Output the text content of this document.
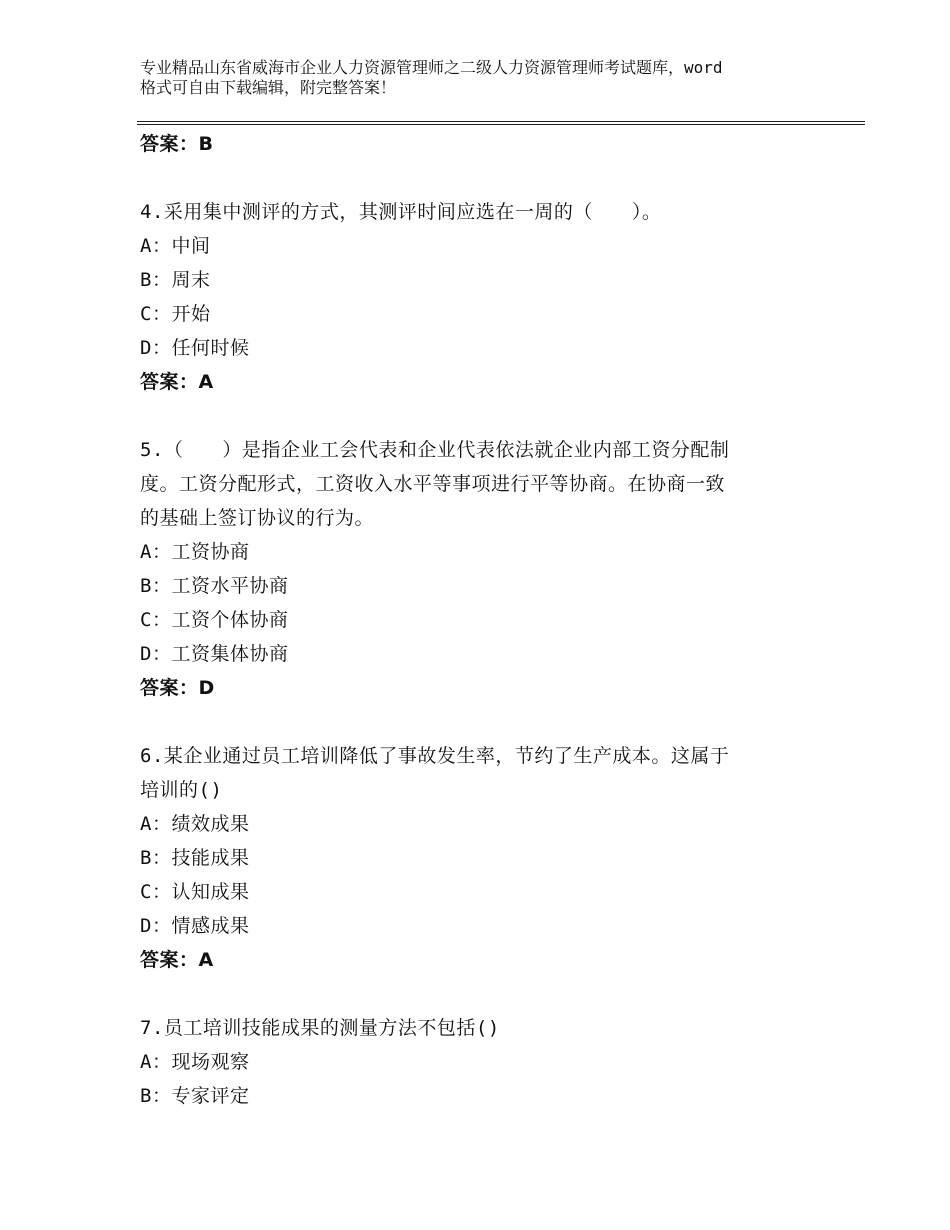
专业精品山东省威海市企业人力资源管理师之二级人力资源管理师考试题库，word
格式可自由下载编辑，附完整答案！
答案：B
4.采用集中测评的方式，其测评时间应选在一周的（　　）。
A：中间
B：周末
C：开始
D：任何时候
答案：A
5.（　　）是指企业工会代表和企业代表依法就企业内部工资分配制
度。工资分配形式，工资收入水平等事项进行平等协商。在协商一致
的基础上签订协议的行为。
A：工资协商
B：工资水平协商
C：工资个体协商
D：工资集体协商
答案：D
6.某企业通过员工培训降低了事故发生率，节约了生产成本。这属于
培训的()
A：绩效成果
B：技能成果
C：认知成果
D：情感成果
答案：A
7.员工培训技能成果的测量方法不包括()
A：现场观察
B：专家评定
